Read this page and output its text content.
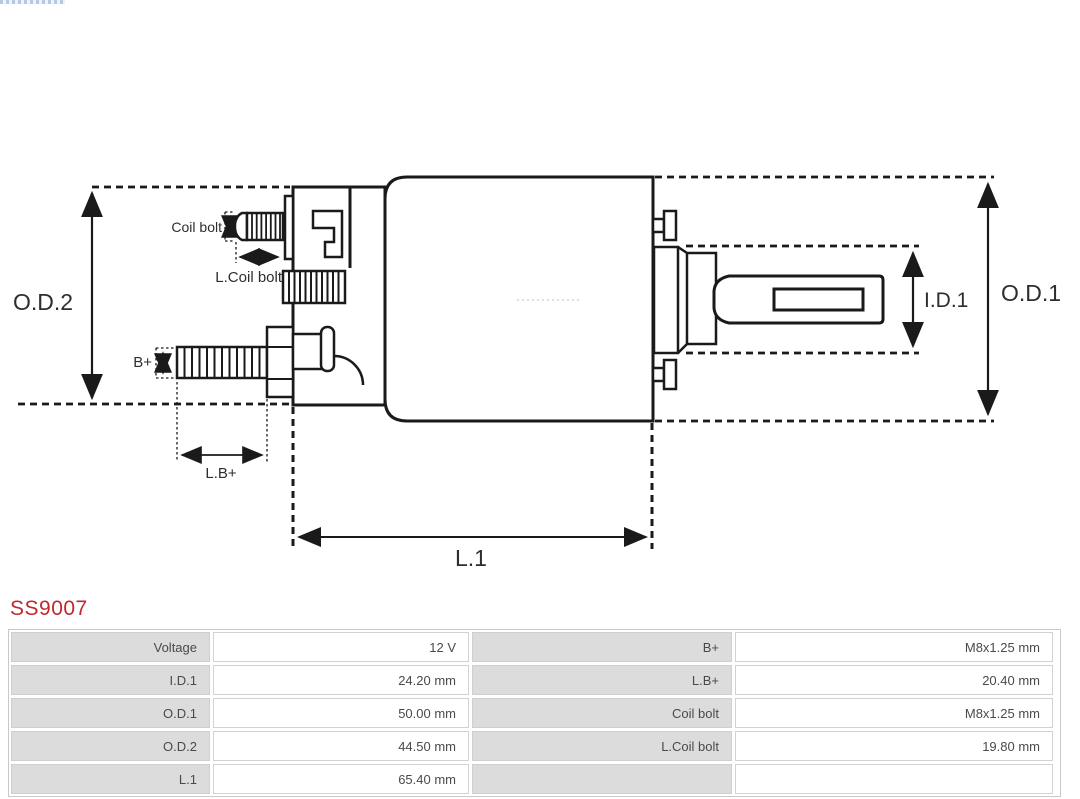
O.D.2	O.D.1
I.D.1
Coil bolt
L.Coil bolt
B+
L.B+
L.1
SS9007
Voltage	12 V	B+	M8x1.25 mm
I.D.1	24.20 mm	L.B+	20.40 mm
O.D.1	50.00 mm	Coil bolt	M8x1.25 mm
O.D.2	44.50 mm	L.Coil bolt	19.80 mm
L.1	65.40 mm
